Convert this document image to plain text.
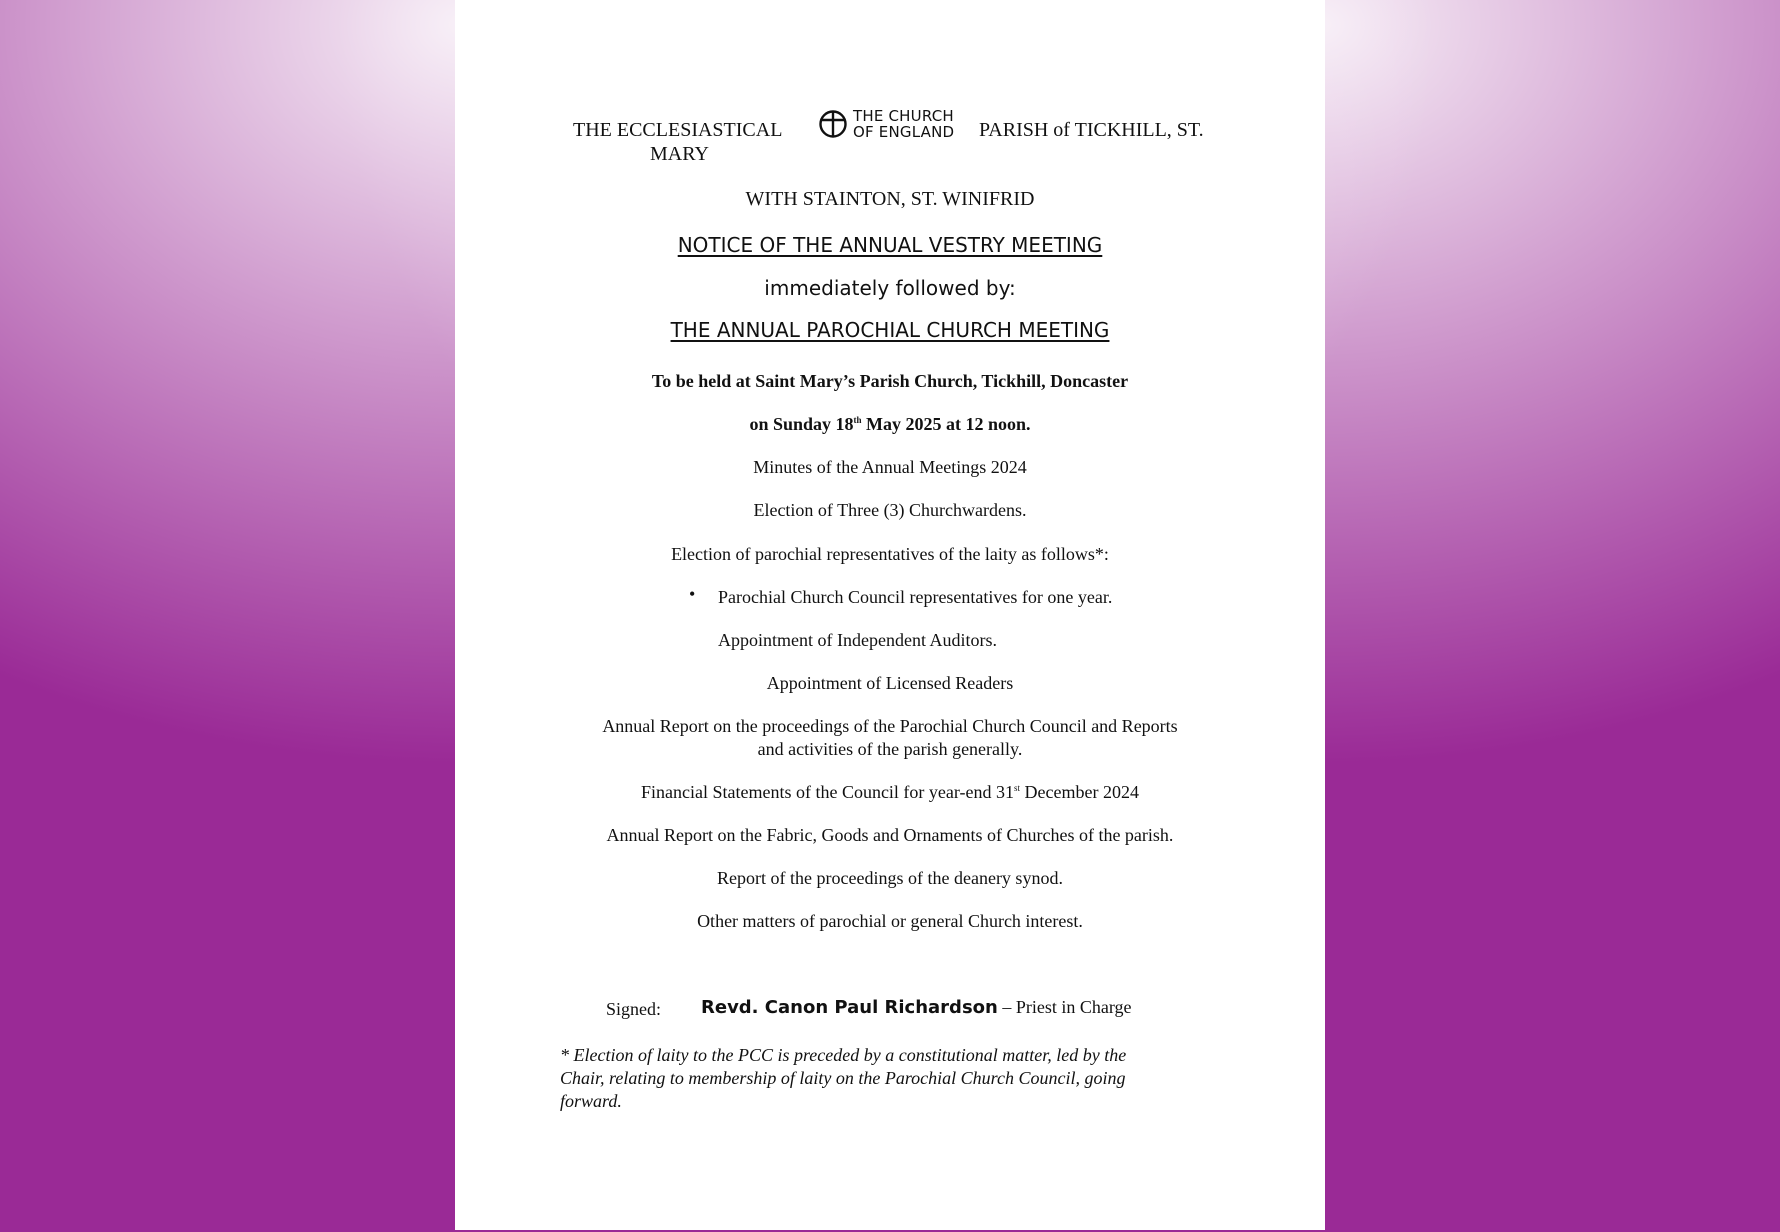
THE ECCLESIASTICAL
MARY
THE CHURCH
OF ENGLAND PARISH of TICKHILL, ST.
WITH STAINTON, ST. WINIFRID
NOTICE OF THE ANNUAL VESTRY MEETING
immediately followed by:
THE ANNUAL PAROCHIAL CHURCH MEETING
To be held at Saint Mary’s Parish Church, Tickhill, Doncaster
on Sunday 18th May 2025 at 12 noon.
Minutes of the Annual Meetings 2024
Election of Three (3) Churchwardens.
Election of parochial representatives of the laity as follows*:
• Parochial Church Council representatives for one year.
Appointment of Independent Auditors.
Appointment of Licensed Readers
Annual Report on the proceedings of the Parochial Church Council and Reports
and activities of the parish generally.
Financial Statements of the Council for year-end 31st December 2024
Annual Report on the Fabric, Goods and Ornaments of Churches of the parish.
Report of the proceedings of the deanery synod.
Other matters of parochial or general Church interest.
Signed: Revd. Canon Paul Richardson – Priest in Charge
* Election of laity to the PCC is preceded by a constitutional matter, led by the
Chair, relating to membership of laity on the Parochial Church Council, going
forward.
